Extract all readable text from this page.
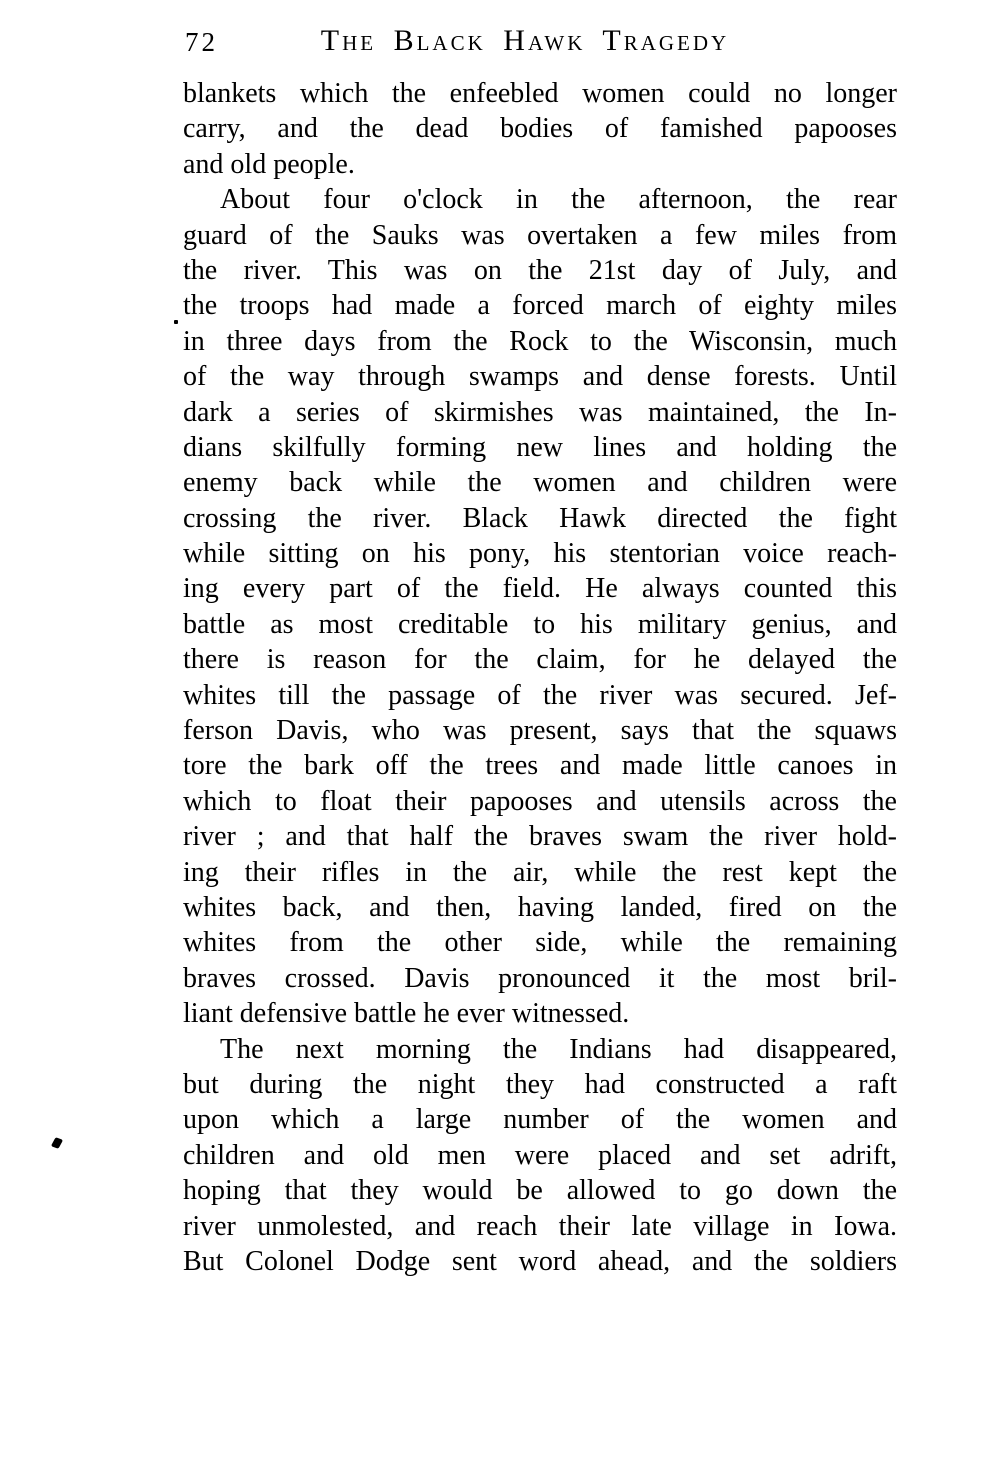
72	The Black Hawk Tragedy
blankets which the enfeebled women could no longer
carry, and the dead bodies of famished papooses
and old people.
About four o'clock in the afternoon, the rear
guard of the Sauks was overtaken a few miles from
the river. This was on the 21st day of July, and
the troops had made a forced march of eighty miles
in three days from the Rock to the Wisconsin, much
of the way through swamps and dense forests. Until
dark a series of skirmishes was maintained, the In-
dians skilfully forming new lines and holding the
enemy back while the women and children were
crossing the river. Black Hawk directed the fight
while sitting on his pony, his stentorian voice reach-
ing every part of the field. He always counted this
battle as most creditable to his military genius, and
there is reason for the claim, for he delayed the
whites till the passage of the river was secured. Jef-
ferson Davis, who was present, says that the squaws
tore the bark off the trees and made little canoes in
which to float their papooses and utensils across the
river ; and that half the braves swam the river hold-
ing their rifles in the air, while the rest kept the
whites back, and then, having landed, fired on the
whites from the other side, while the remaining
braves crossed. Davis pronounced it the most bril-
liant defensive battle he ever witnessed.
The next morning the Indians had disappeared,
but during the night they had constructed a raft
upon which a large number of the women and
children and old men were placed and set adrift,
hoping that they would be allowed to go down the
river unmolested, and reach their late village in Iowa.
But Colonel Dodge sent word ahead, and the soldiers
